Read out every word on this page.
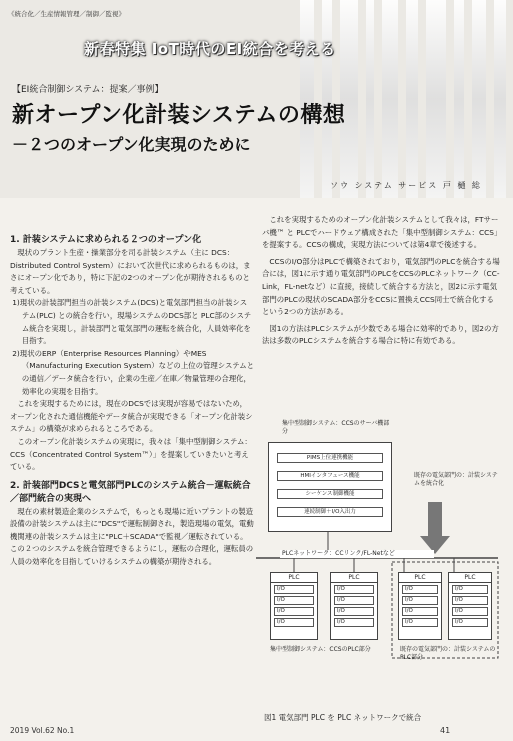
《統合化／生産情報管理／制御／監視》
新春特集 IoT時代のEI統合を考える
【EI統合制御システム：提案／事例】
新オープン化計装システムの構想
－２つのオープン化実現のために
ソウ システム サービス 戸 樋 総

1. 計装システムに求められる２つのオープン化

現状のプラント生産・操業部分を司る計装システム（主に DCS：Distributed Control System）において次世代に求められるものは，まさにオープン化であり，特に下記の2つのオープン化が期待されるものと考えている。

1)現状の計装部門担当の計装システム(DCS)と電気部門担当の計装システム(PLC) との統合を行い，現場システムのDCS部と PLC部のシステム統合を実現し，計装部門と電気部門の運転を統合化，人員効率化を目指す。

2)現状のERP（Enterprise Resources Planning）やMES（Manufacturing Execution System）などの上位の管理システムとの通信／データ統合を行い，企業の生産／在庫／物量管理の合理化，効率化の実現を目指す。

これを実現するためには，現在のDCSでは実現が容易ではないため，オープン化された通信機能やデータ統合が実現できる「オープン化計装システム」の構築が求められるところである。

このオープン化計装システムの実現に，我々は「集中型制御システム：CCS（Concentrated Control System™）」を提案していきたいと考えている。

2. 計装部門DCSと電気部門PLCのシステム統合－運転統合／部門統合の実現へ

現在の素材製造企業のシステムで，もっとも現場に近いプラントの製造設備の計装システムは主に"DCS"で運転制御され，製造現場の電気，電動機関連の計装システムは主に"PLC＋SCADA"で監視／運転されている。この２つのシステムを統合管理できるようにし，運転の合理化，運転員の人員の効率化を目指していけるシステムの構築が期待される。

これを実現するためのオープン化計装システムとして我々は，FTサーバ機™ と PLCでハードウェア構成された「集中型制御システム：CCS」を提案する。CCSの構成，実現方法については第4章で後述する。

CCSのI/O部分はPLCで構築されており，電気部門のPLCを統合する場合には，図1に示す通り電気部門のPLCをCCSのPLCネットワーク（CC-Link，FL-netなど）に直接，接続して統合する方法と，図2に示す電気部門のPLCの現状のSCADA部分をCCSに置換えCCS同士で統合化するという2つの方法がある。

図1の方法はPLCシステムが少数である場合に効率的であり，図2の方法は多数のPLCシステムを統合する場合に特に有効である。

集中型制御システム：CCSのサーバ機部分
PIMS上位連携機能
HMIインタフェース機能
シーケンス制御機能
連続制御＋I/O入出力
既存の電気部門の：計装システムを統合化
PLCネットワーク：CCリンク/FL-Netなど
PLC
I/O
I/O
I/O
I/O
PLC
I/O
I/O
I/O
I/O
PLC
I/O
I/O
I/O
I/O
PLC
I/O
I/O
I/O
I/O
集中型制御システム：CCSのPLC部分	既存の電気部門の：計装システムのPLC部分
図1 電気部門 PLC を PLC ネットワークで統合
2019 Vol.62 No.1	41
